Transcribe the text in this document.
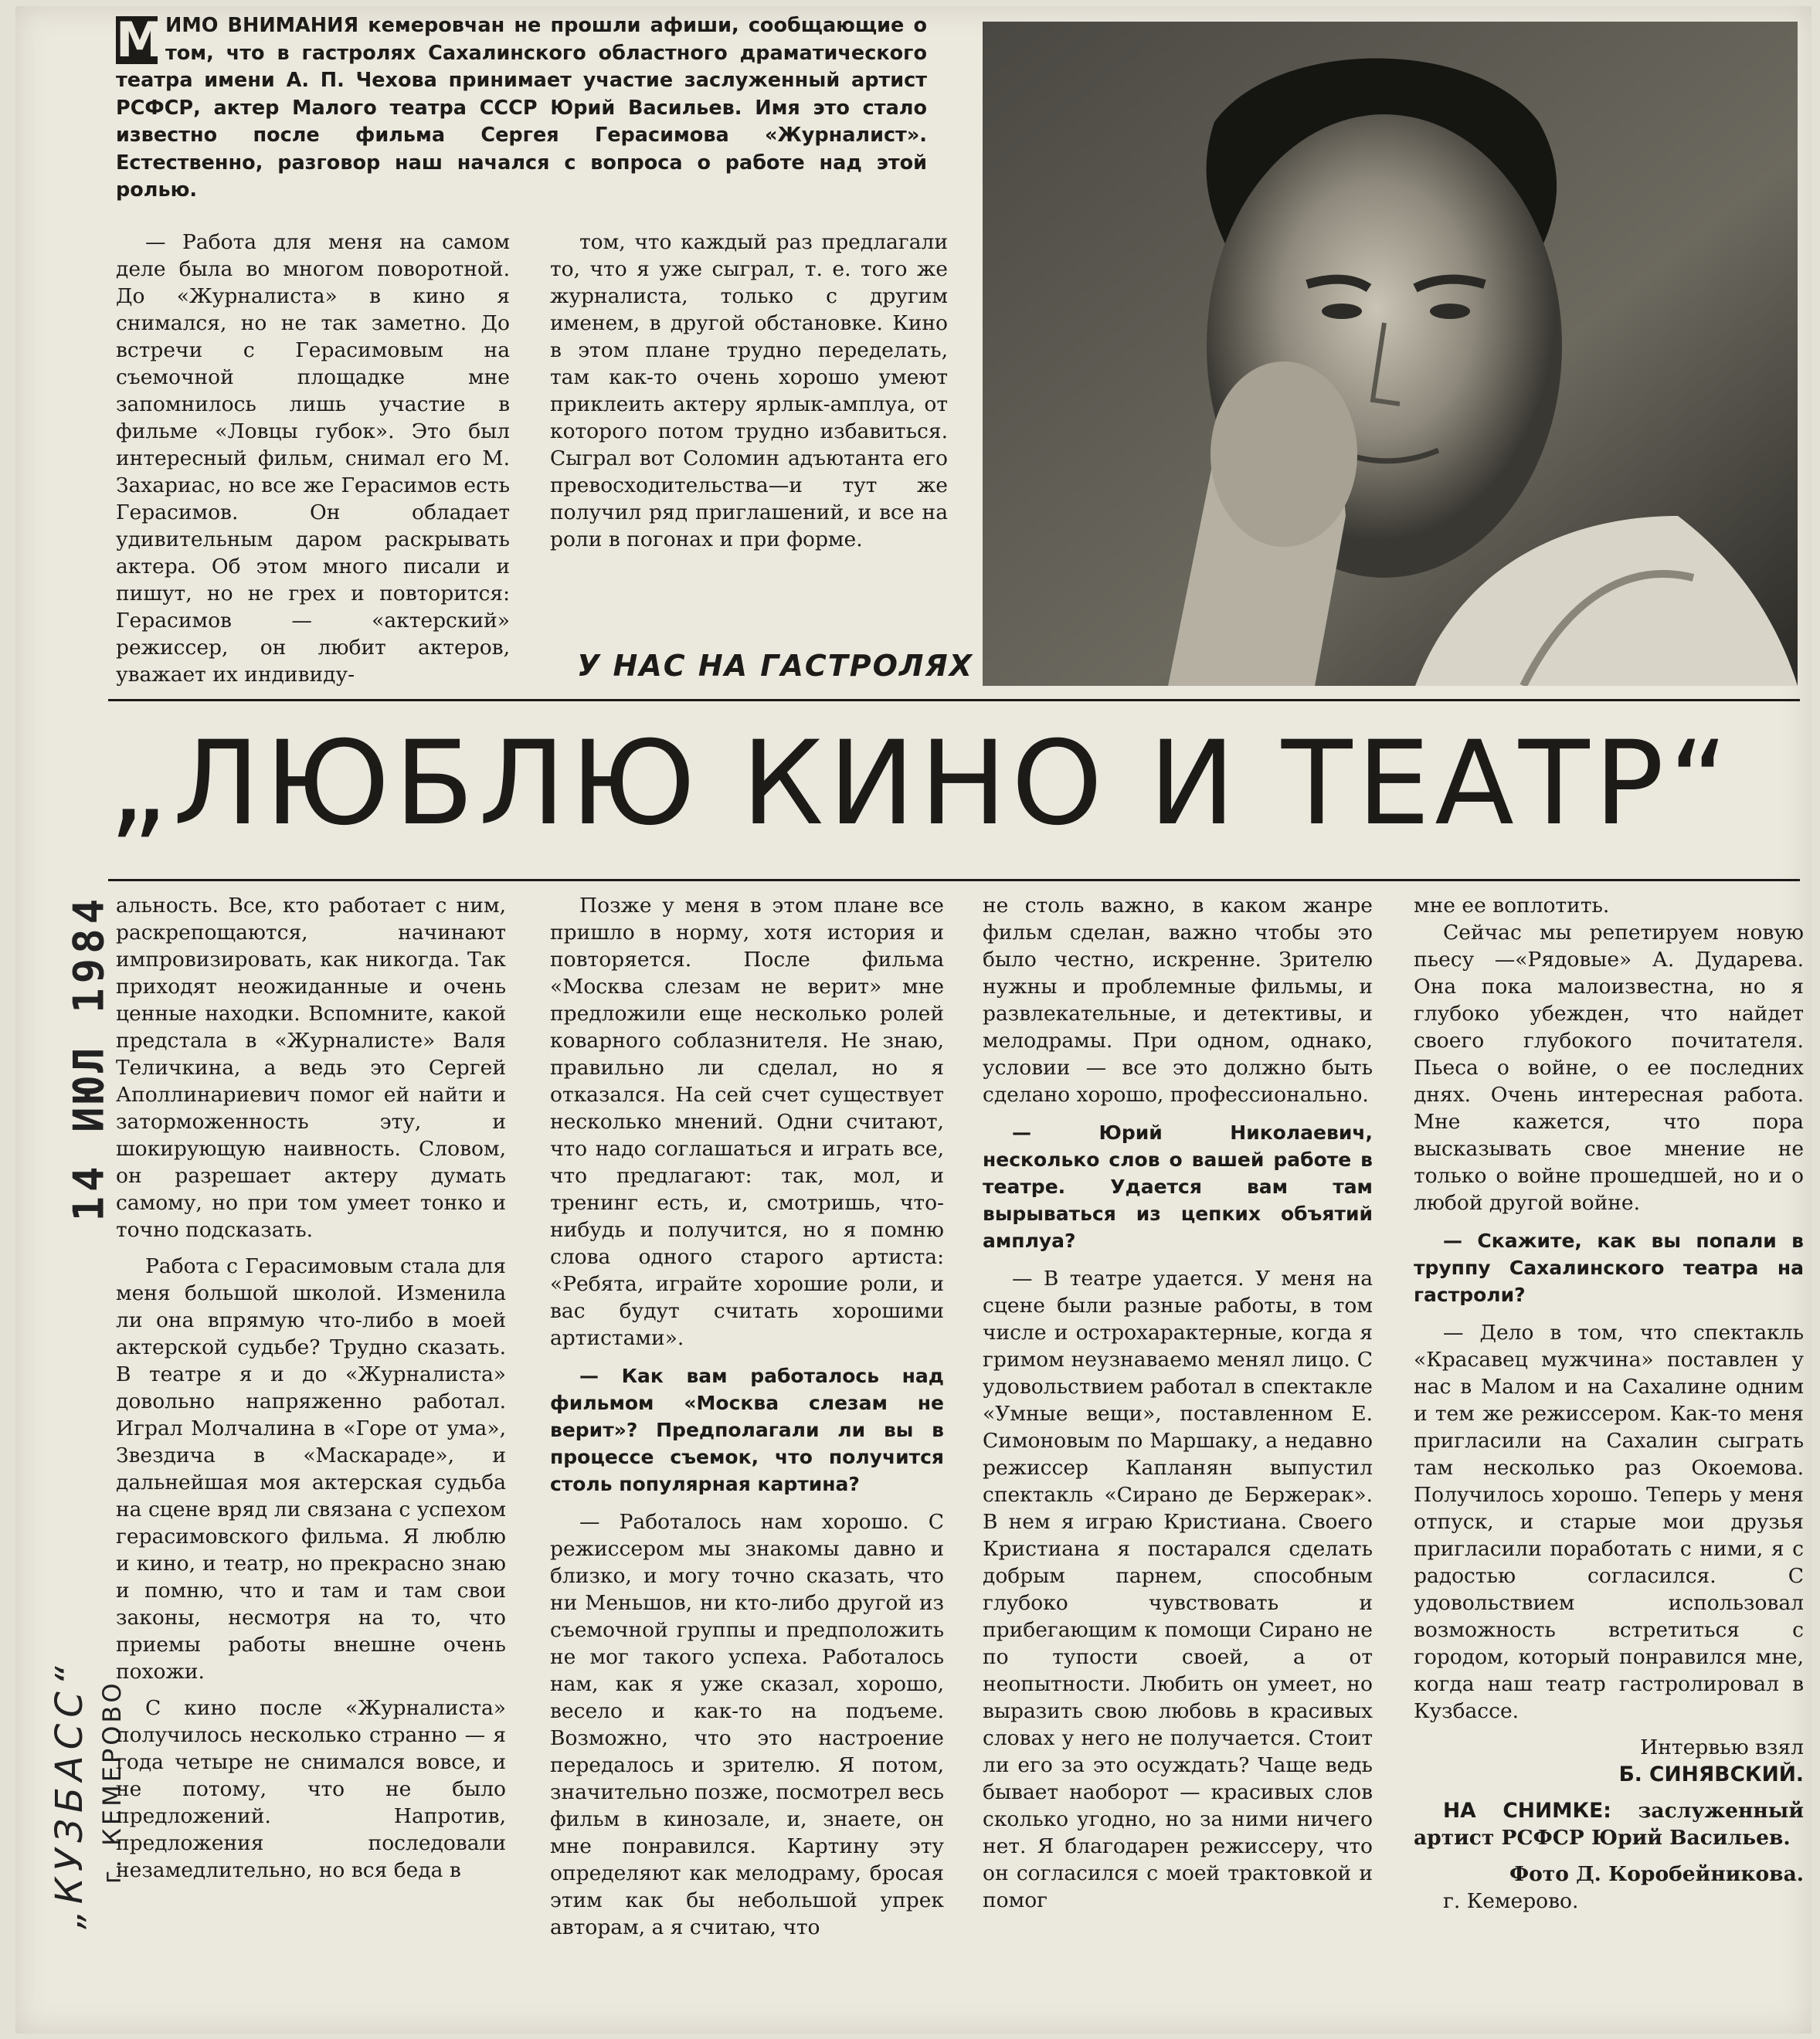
М ИМО ВНИМАНИЯ кемеровчан не прошли афиши, сообщающие о том, что в гастролях Сахалинского областного драматического театра имени А. П. Чехова принимает участие заслуженный артист РСФСР, актер Малого театра СССР Юрий Васильев. Имя это стало известно после фильма Сергея Герасимова «Журналист». Естественно, разговор наш начался с вопроса о работе над этой ролью.

— Работа для меня на самом деле была во многом поворотной. До «Журналиста» в кино я снимался, но не так заметно. До встречи с Герасимовым на съемочной площадке мне запомнилось лишь участие в фильме «Ловцы губок». Это был интересный фильм, снимал его М. Захариас, но все же Герасимов есть Герасимов. Он обладает удивительным даром раскрывать актера. Об этом много писали и пишут, но не грех и повторится: Герасимов — «актерский» режиссер, он любит актеров, уважает их индивиду-

том, что каждый раз предлагали то, что я уже сыграл, т. е. того же журналиста, только с другим именем, в другой обстановке. Кино в этом плане трудно переделать, там как-то очень хорошо умеют приклеить актеру ярлык-амплуа, от которого потом трудно избавиться. Сыграл вот Соломин адъютанта его превосходительства—и тут же получил ряд приглашений, и все на роли в погонах и при форме.

У НАС НА ГАСТРОЛЯХ
„ЛЮБЛЮ КИНО И ТЕАТР“
14 ИЮЛ 1984
„КУЗБАСС“ г. КЕМЕРОВО

альность. Все, кто работает с ним, раскрепощаются, начинают импровизировать, как никогда. Так приходят неожиданные и очень ценные находки. Вспомните, какой предстала в «Журналисте» Валя Теличкина, а ведь это Сергей Аполлинариевич помог ей найти и заторможенность эту, и шокирующую наивность. Словом, он разрешает актеру думать самому, но при том умеет тонко и точно подсказать.

Работа с Герасимовым стала для меня большой школой. Изменила ли она впрямую что-либо в моей актерской судьбе? Трудно сказать. В театре я и до «Журналиста» довольно напряженно работал. Играл Молчалина в «Горе от ума», Звездича в «Маскараде», и дальнейшая моя актерская судьба на сцене вряд ли связана с успехом герасимовского фильма. Я люблю и кино, и театр, но прекрасно знаю и помню, что и там и там свои законы, несмотря на то, что приемы работы внешне очень похожи.

С кино после «Журналиста» получилось несколько странно — я года четыре не снимался вовсе, и не потому, что не было предложений. Напротив, предложения последовали незамедлительно, но вся беда в

Позже у меня в этом плане все пришло в норму, хотя история и повторяется. После фильма «Москва слезам не верит» мне предложили еще несколько ролей коварного соблазнителя. Не знаю, правильно ли сделал, но я отказался. На сей счет существует несколько мнений. Одни считают, что надо соглашаться и играть все, что предлагают: так, мол, и тренинг есть, и, смотришь, что-нибудь и получится, но я помню слова одного старого артиста: «Ребята, играйте хорошие роли, и вас будут считать хорошими артистами».

— Как вам работалось над фильмом «Москва слезам не верит»? Предполагали ли вы в процессе съемок, что получится столь популярная картина?

— Работалось нам хорошо. С режиссером мы знакомы давно и близко, и могу точно сказать, что ни Меньшов, ни кто-либо другой из съемочной группы и предположить не мог такого успеха. Работалось нам, как я уже сказал, хорошо, весело и как-то на подъеме. Возможно, что это настроение передалось и зрителю. Я потом, значительно позже, посмотрел весь фильм в кинозале, и, знаете, он мне понравился. Картину эту определяют как мелодраму, бросая этим как бы небольшой упрек авторам, а я считаю, что

не столь важно, в каком жанре фильм сделан, важно чтобы это было честно, искренне. Зрителю нужны и проблемные фильмы, и развлекательные, и детективы, и мелодрамы. При одном, однако, условии — все это должно быть сделано хорошо, профессионально.

— Юрий Николаевич, несколько слов о вашей работе в театре. Удается вам там вырываться из цепких объятий амплуа?

— В театре удается. У меня на сцене были разные работы, в том числе и острохарактерные, когда я гримом неузнаваемо менял лицо. С удовольствием работал в спектакле «Умные вещи», поставленном Е. Симоновым по Маршаку, а недавно режиссер Капланян выпустил спектакль «Сирано де Бержерак». В нем я играю Кристиана. Своего Кристиана я постарался сделать добрым парнем, способным глубоко чувствовать и прибегающим к помощи Сирано не по тупости своей, а от неопытности. Любить он умеет, но выразить свою любовь в красивых словах у него не получается. Стоит ли его за это осуждать? Чаще ведь бывает наоборот — красивых слов сколько угодно, но за ними ничего нет. Я благодарен режиссеру, что он согласился с моей трактовкой и помог

мне ее воплотить.

Сейчас мы репетируем новую пьесу —«Рядовые» А. Дударева. Она пока малоизвестна, но я глубоко убежден, что найдет своего глубокого почитателя. Пьеса о войне, о ее последних днях. Очень интересная работа. Мне кажется, что пора высказывать свое мнение не только о войне прошедшей, но и о любой другой войне.

— Скажите, как вы попали в труппу Сахалинского театра на гастроли?

— Дело в том, что спектакль «Красавец мужчина» поставлен у нас в Малом и на Сахалине одним и тем же режиссером. Как-то меня пригласили на Сахалин сыграть там несколько раз Окоемова. Получилось хорошо. Теперь у меня отпуск, и старые мои друзья пригласили поработать с ними, я с радостью согласился. С удовольствием использовал возможность встретиться с городом, который понравился мне, когда наш театр гастролировал в Кузбассе.

Интервью взял

Б. СИНЯВСКИЙ.

НА СНИМКЕ: заслуженный артист РСФСР Юрий Васильев.

Фото Д. Коробейникова.

г. Кемерово.
